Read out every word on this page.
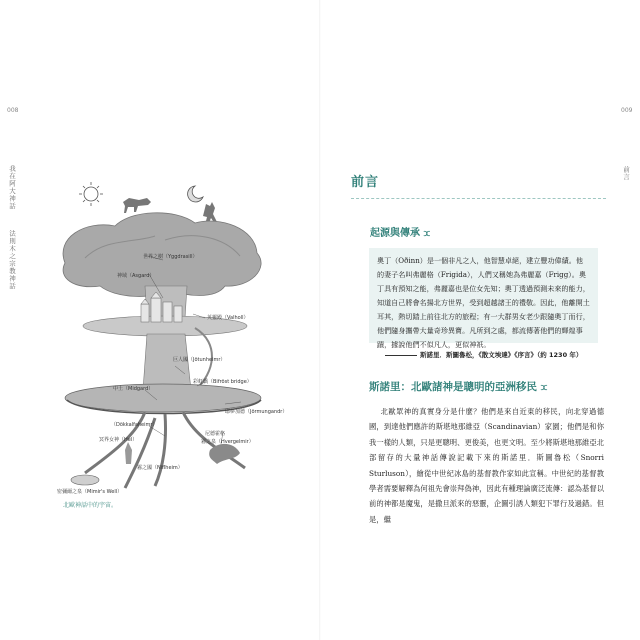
008
我在阿大神話
法則木之宗教神話	世界之樹（Yggdrasill）
神域（Asgard）
英靈殿（Valholl）
巨人國（Jötunheimr）
中土（Midgard）
彩虹橋（Bifröst bridge）
耶夢加德（Jörmungandr）
（Dökkalfaheimr）
冥界女神（Hel）
尼德霍格
霧之泉（Hvergelmir）
霧之國（Niflheim）
密彌爾之泉（Mimir's Well）
北歐神話中的宇宙。
009
前言
前言
起源與傳承 ⵋ

奧丁（Oðinn）是一個非凡之人，他智慧卓絕，建立豐功偉績。他的妻子名叫弗麗格（Frigida），人們又稱她為弗麗嘉（Frigg）。奧丁具有預知之能，弗麗嘉也是位女先知；奧丁透過預測未來的能力，知道自己將會名揚北方世界，受到超越諸王的禮敬。因此，他離開土耳其，熱切踏上前往北方的旅程；有一大群男女老少跟隨奧丁而行，他們隨身攜帶大量奇珍異寶。凡所到之處，都流傳著他們的輝煌事蹟，據說他們不似凡人，更似神祇。

斯諾里．斯圖魯松，《散文埃達》《序言》（約 1230 年）
斯諾里：北歐諸神是聰明的亞洲移民 ⵋ

北歐眾神的真實身分是什麼？他們是來自近東的移民，向北穿過德國，到達他們應許的斯堪地那維亞（Scandinavian）家園；他們是和你我一樣的人類，只是更聰明、更俊美，也更文明。至少將斯堪地那維亞北部留存的大量神話傳說記載下來的斯諾里．斯圖魯松（Snorri Sturluson），繪從中世紀冰島的基督教作家如此宣稱。中世紀的基督教學者需要解釋為何祖先會崇拜偽神，因此有種理論廣泛流傳：認為基督以前的神都是魔鬼，是撒旦派來的惡靈，企圖引誘人類犯下罪行及過錯。但是，繼
